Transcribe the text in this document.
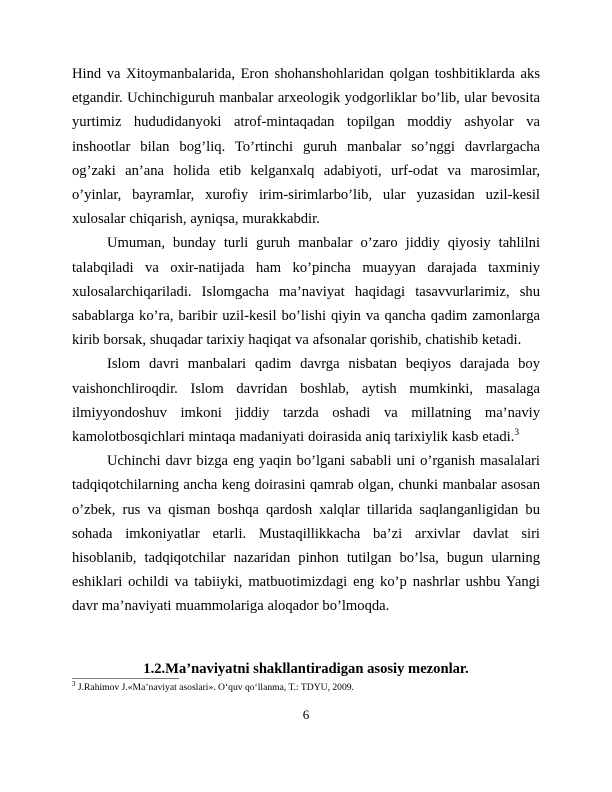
Hind va Xitoymanbalarida, Eron shohanshohlaridan qolgan toshbitiklarda aks etgandir. Uchinchiguruh manbalar arxeologik yodgorliklar bo’lib, ular bevosita yurtimiz hududidanyoki atrof-mintaqadan topilgan moddiy ashyolar va inshootlar bilan bog’liq. To’rtinchi guruh manbalar so’nggi davrlargacha og’zaki an’ana holida etib kelganxalq adabiyoti, urf-odat va marosimlar, o’yinlar, bayramlar, xurofiy irim-sirimlarbo’lib, ular yuzasidan uzil-kesil xulosalar chiqarish, ayniqsa, murakkabdir.

Umuman, bunday turli guruh manbalar o’zaro jiddiy qiyosiy tahlilni talabqiladi va oxir-natijada ham ko’pincha muayyan darajada taxminiy xulosalarchiqariladi. Islomgacha ma’naviyat haqidagi tasavvurlarimiz, shu sabablarga ko’ra, baribir uzil-kesil bo’lishi qiyin va qancha qadim zamonlarga kirib borsak, shuqadar tarixiy haqiqat va afsonalar qorishib, chatishib ketadi.

Islom davri manbalari qadim davrga nisbatan beqiyos darajada boy vaishonchliroqdir. Islom davridan boshlab, aytish mumkinki, masalaga ilmiyyondoshuv imkoni jiddiy tarzda oshadi va millatning ma’naviy kamolotbosqichlari mintaqa madaniyati doirasida aniq tarixiylik kasb etadi.$^3$

Uchinchi davr bizga eng yaqin bo’lgani sababli uni o’rganish masalalari tadqiqotchilarning ancha keng doirasini qamrab olgan, chunki manbalar asosan o’zbek, rus va qisman boshqa qardosh xalqlar tillarida saqlanganligidan bu sohada imkoniyatlar etarli. Mustaqillikkacha ba’zi arxivlar davlat siri hisoblanib, tadqiqotchilar nazaridan pinhon tutilgan bo’lsa, bugun ularning eshiklari ochildi va tabiiyki, matbuotimizdagi eng ko’p nashrlar ushbu Yangi davr ma’naviyati muammolariga aloqador bo’lmoqda.

1.2.Ma’naviyatni shakllantiradigan asosiy mezonlar.

$^3$ J.Rahimov J.«Ma’naviyat asoslari». O‘quv qo‘llanma, T.: TDYU, 2009.

6
